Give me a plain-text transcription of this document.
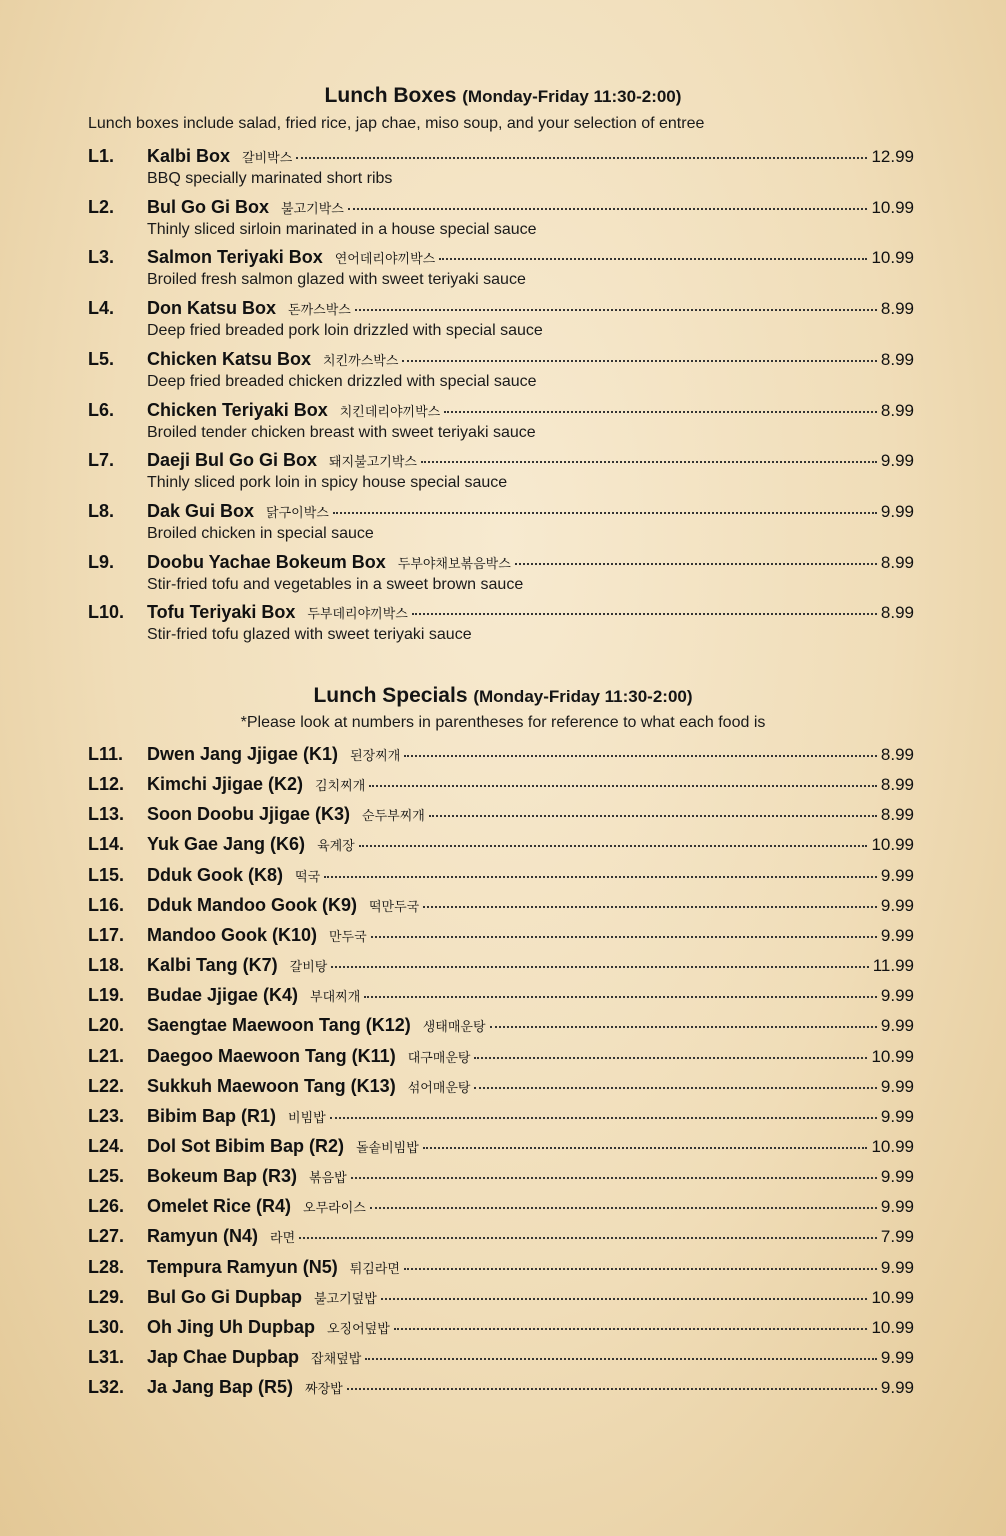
Lunch Boxes (Monday-Friday 11:30-2:00)
Lunch boxes include salad, fried rice, jap chae, miso soup, and your selection of entree
L1.	Kalbi Box 갈비박스	12.99
BBQ specially marinated short ribs
L2.	Bul Go Gi Box 불고기박스	10.99
Thinly sliced sirloin marinated in a house special sauce
L3.	Salmon Teriyaki Box 연어데리야끼박스	10.99
Broiled fresh salmon glazed with sweet teriyaki sauce
L4.	Don Katsu Box 돈까스박스	8.99
Deep fried breaded pork loin drizzled with special sauce
L5.	Chicken Katsu Box 치킨까스박스	8.99
Deep fried breaded chicken drizzled with special sauce
L6.	Chicken Teriyaki Box 치킨데리야끼박스	8.99
Broiled tender chicken breast with sweet teriyaki sauce
L7.	Daeji Bul Go Gi Box 돼지불고기박스	9.99
Thinly sliced pork loin in spicy house special sauce
L8.	Dak Gui Box 닭구이박스	9.99
Broiled chicken in special sauce
L9.	Doobu Yachae Bokeum Box 두부야채보볶음박스	8.99
Stir-fried tofu and vegetables in a sweet brown sauce
L10.	Tofu Teriyaki Box 두부데리야끼박스	8.99
Stir-fried tofu glazed with sweet teriyaki sauce
Lunch Specials (Monday-Friday 11:30-2:00)
*Please look at numbers in parentheses for reference to what each food is
L11.	Dwen Jang Jjigae (K1) 된장찌개	8.99
L12.	Kimchi Jjigae (K2) 김치찌개	8.99
L13.	Soon Doobu Jjigae (K3) 순두부찌개	8.99
L14.	Yuk Gae Jang (K6) 육계장	10.99
L15.	Dduk Gook (K8) 떡국	9.99
L16.	Dduk Mandoo Gook (K9) 떡만두국	9.99
L17.	Mandoo Gook (K10) 만두국	9.99
L18.	Kalbi Tang (K7) 갈비탕	11.99
L19.	Budae Jjigae (K4) 부대찌개	9.99
L20.	Saengtae Maewoon Tang (K12) 생태매운탕	9.99
L21.	Daegoo Maewoon Tang (K11) 대구매운탕	10.99
L22.	Sukkuh Maewoon Tang (K13) 섞어매운탕	9.99
L23.	Bibim Bap (R1) 비빔밥	9.99
L24.	Dol Sot Bibim Bap (R2) 돌솥비빔밥	10.99
L25.	Bokeum Bap (R3) 볶음밥	9.99
L26.	Omelet Rice (R4) 오무라이스	9.99
L27.	Ramyun (N4) 라면	7.99
L28.	Tempura Ramyun (N5) 튀김라면	9.99
L29.	Bul Go Gi Dupbap 불고기덮밥	10.99
L30.	Oh Jing Uh Dupbap 오징어덮밥	10.99
L31.	Jap Chae Dupbap 잡채덮밥	9.99
L32.	Ja Jang Bap (R5) 짜장밥	9.99
